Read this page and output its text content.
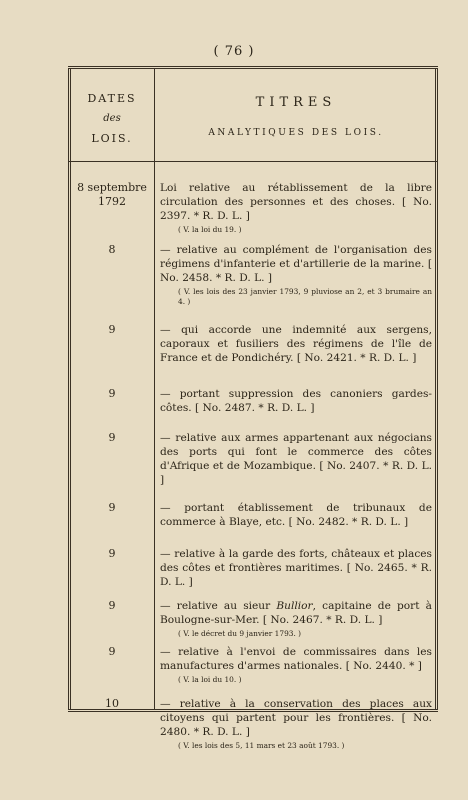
( 76 )
DATES
des
LOIS.
TITRES
ANALYTIQUES DES LOIS.
8 septembre 1792
Loi relative au rétablissement de la libre circulation des personnes et des choses. [ No. 2397. * R. D. L. ]
( V. la loi du 19. )
8	— relative au complément de l'organisation des régimens d'infanterie et d'artillerie de la marine. [ No. 2458. * R. D. L. ]
( V. les lois des 23 janvier 1793, 9 pluviose an 2, et 3 brumaire an 4. )
9	— qui accorde une indemnité aux sergens, caporaux et fusiliers des régimens de l'île de France et de Pondichéry. [ No. 2421. * R. D. L. ]
9	— portant suppression des canoniers gardes-côtes. [ No. 2487. * R. D. L. ]
9	— relative aux armes appartenant aux négocians des ports qui font le commerce des côtes d'Afrique et de Mozambique. [ No. 2407. * R. D. L. ]
9	— portant établissement de tribunaux de commerce à Blaye, etc. [ No. 2482. * R. D. L. ]
9	— relative à la garde des forts, châteaux et places des côtes et frontières maritimes. [ No. 2465. * R. D. L. ]
9	— relative au sieur Bullior, capitaine de port à Boulogne-sur-Mer. [ No. 2467. * R. D. L. ]
( V. le décret du 9 janvier 1793. )
9	— relative à l'envoi de commissaires dans les manufactures d'armes nationales. [ No. 2440. * ]
( V. la loi du 10. )
10	— relative à la conservation des places aux citoyens qui partent pour les frontières. [ No. 2480. * R. D. L. ]
( V. les lois des 5, 11 mars et 23 août 1793. )
